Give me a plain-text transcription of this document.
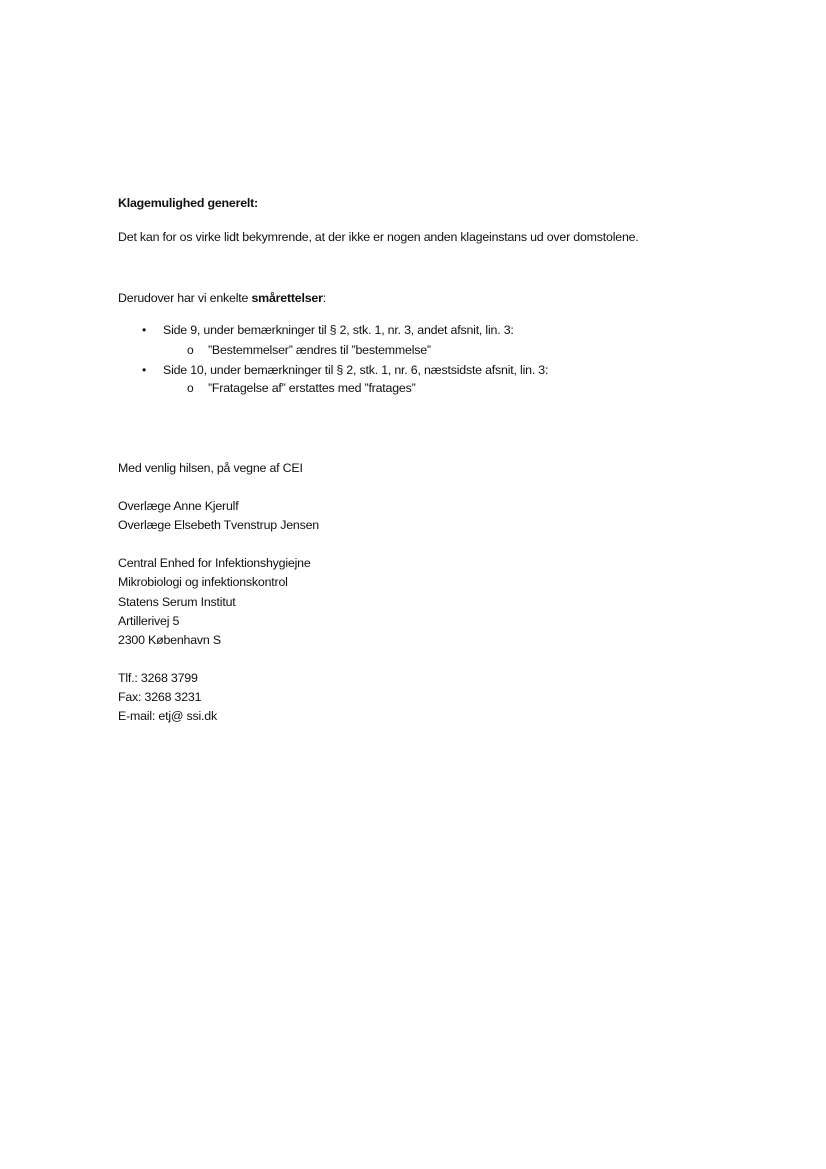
Klagemulighed generelt:
Det kan for os virke lidt bekymrende, at der ikke er nogen anden klageinstans ud over domstolene.
Derudover har vi enkelte smårettelser:
• Side 9, under bemærkninger til § 2, stk. 1, nr. 3, andet afsnit, lin. 3:
o ”Bestemmelser” ændres til ”bestemmelse”
• Side 10, under bemærkninger til § 2, stk. 1, nr. 6, næstsidste afsnit, lin. 3:
o ”Fratagelse af” erstattes med ”fratages”
Med venlig hilsen, på vegne af CEI
Overlæge Anne Kjerulf
Overlæge Elsebeth Tvenstrup Jensen
Central Enhed for Infektionshygiejne
Mikrobiologi og infektionskontrol
Statens Serum Institut
Artillerivej 5
2300 København S
Tlf.: 3268 3799
Fax: 3268 3231
E-mail: etj@ ssi.dk
